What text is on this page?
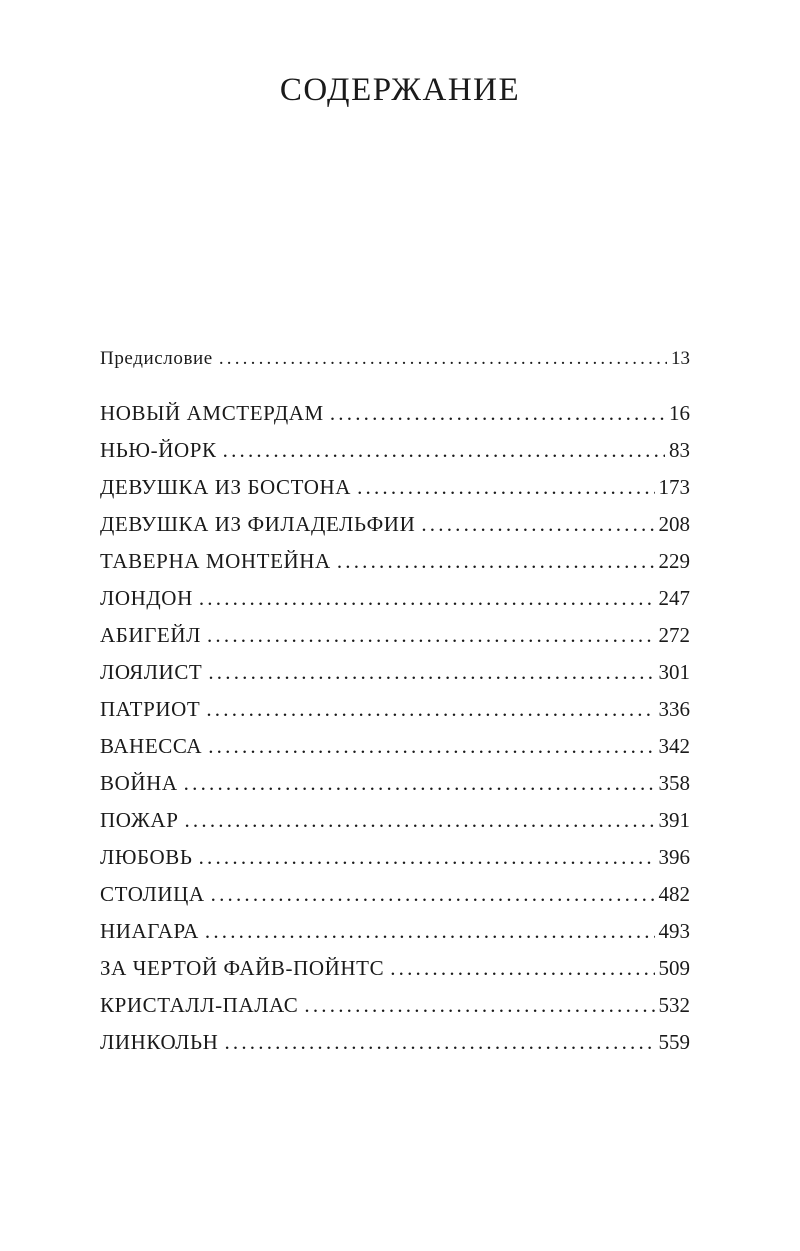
СОДЕРЖАНИЕ
Предисловие .....	13
НОВЫЙ АМСТЕРДАМ .....	16
НЬЮ-ЙОРК .....	83
ДЕВУШКА ИЗ БОСТОНА .....	173
ДЕВУШКА ИЗ ФИЛАДЕЛЬФИИ .....	208
ТАВЕРНА МОНТЕЙНА .....	229
ЛОНДОН .....	247
АБИГЕЙЛ .....	272
ЛОЯЛИСТ .....	301
ПАТРИОТ .....	336
ВАНЕССА .....	342
ВОЙНА .....	358
ПОЖАР .....	391
ЛЮБОВЬ .....	396
СТОЛИЦА .....	482
НИАГАРА .....	493
ЗА ЧЕРТОЙ ФАЙВ-ПОЙНТС .....	509
КРИСТАЛЛ-ПАЛАС .....	532
ЛИНКОЛЬН .....	559
